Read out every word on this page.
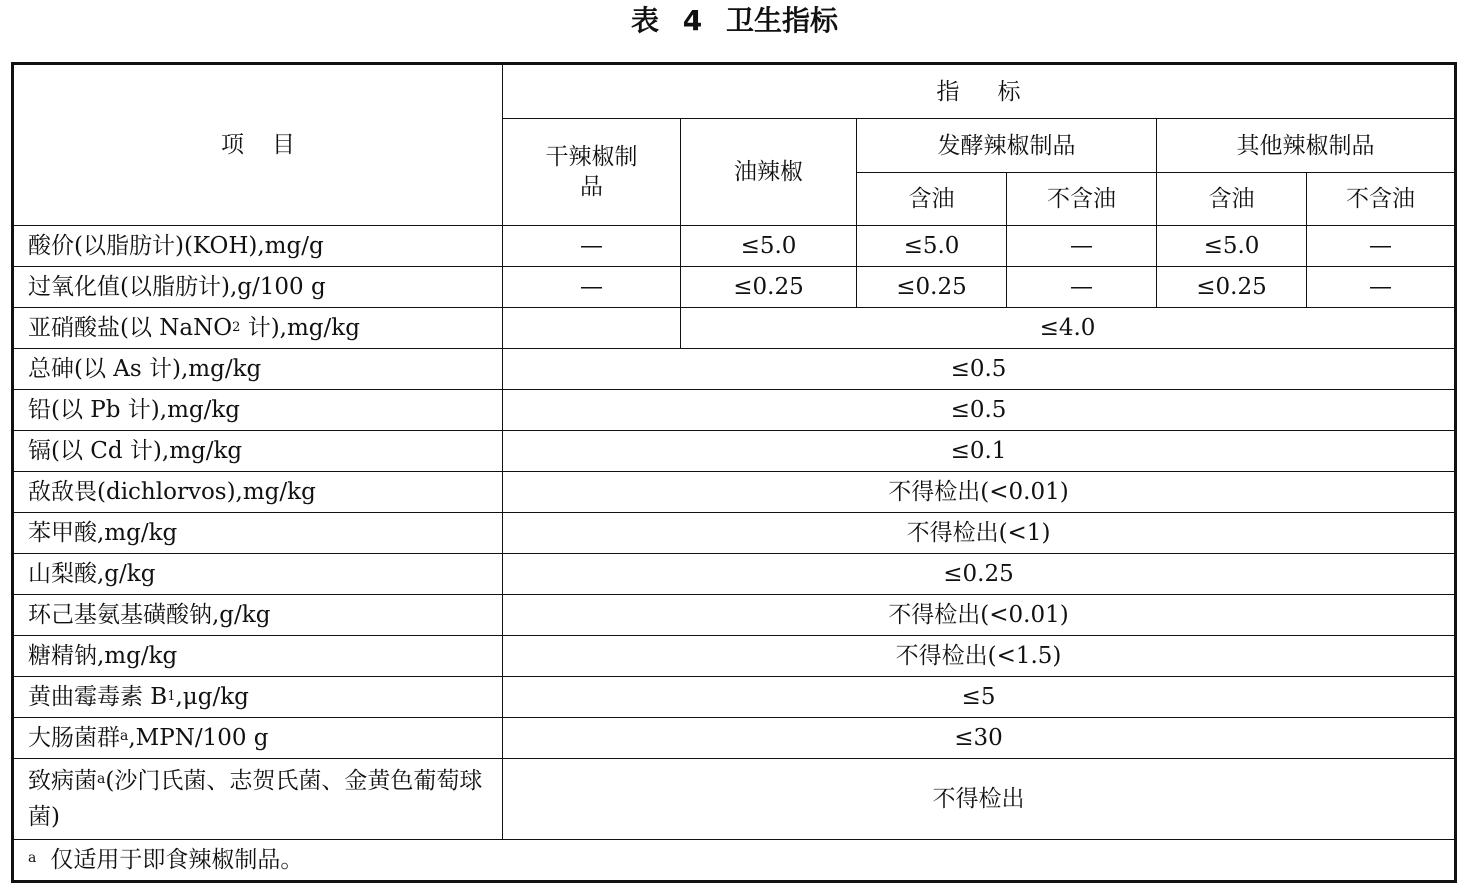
表 4 卫生指标
项目	指标					
	干辣椒制品	油辣椒	发酵辣椒制品		其他辣椒制品	
			含油	不含油	含油	不含油
酸价(以脂肪计)(KOH),mg/g	—	≤5.0	≤5.0	—	≤5.0	—
过氧化值(以脂肪计),g/100 g	—	≤0.25	≤0.25	—	≤0.25	—
亚硝酸盐(以 NaNO2 计),mg/kg		≤4.0				
总砷(以 As 计),mg/kg	≤0.5					
铅(以 Pb 计),mg/kg	≤0.5					
镉(以 Cd 计),mg/kg	≤0.1					
敌敌畏(dichlorvos),mg/kg	不得检出(<0.01)					
苯甲酸,mg/kg	不得检出(<1)					
山梨酸,g/kg	≤0.25					
环己基氨基磺酸钠,g/kg	不得检出(<0.01)					
糖精钠,mg/kg	不得检出(<1.5)					
黄曲霉毒素 B1,μg/kg	≤5					
大肠菌群$^a$,MPN/100 g	≤30					
致病菌$^a$(沙门氏菌、志贺氏菌、金黄色葡萄球菌)	不得检出					
$^a$ 仅适用于即食辣椒制品。						
